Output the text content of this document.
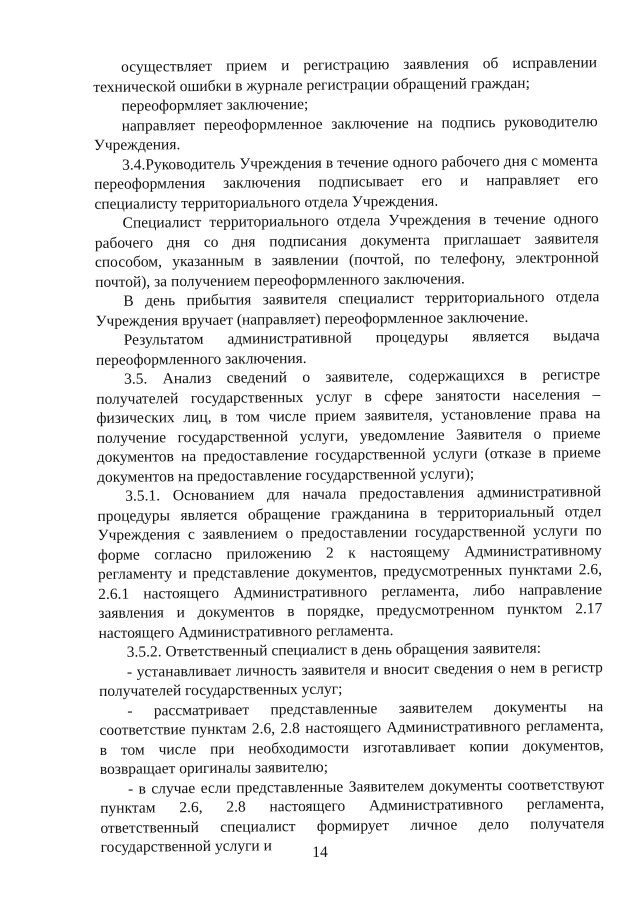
осуществляет прием и регистрацию заявления об исправлении технической ошибки в журнале регистрации обращений граждан;

переоформляет заключение;

направляет переоформленное заключение на подпись руководителю Учреждения.

3.4.Руководитель Учреждения в течение одного рабочего дня с момента переоформления заключения подписывает его и направляет его специалисту территориального отдела Учреждения.

Специалист территориального отдела Учреждения в течение одного рабочего дня со дня подписания документа приглашает заявителя способом, указанным в заявлении (почтой, по телефону, электронной почтой), за получением переоформленного заключения.

В день прибытия заявителя специалист территориального отдела Учреждения вручает (направляет) переоформленное заключение.

Результатом административной процедуры является выдача переоформленного заключения.

3.5. Анализ сведений о заявителе, содержащихся в регистре получателей государственных услуг в сфере занятости населения – физических лиц, в том числе прием заявителя, установление права на получение государственной услуги, уведомление Заявителя о приеме документов на предоставление государственной услуги (отказе в приеме документов на предоставление государственной услуги);

3.5.1. Основанием для начала предоставления административной процедуры является обращение гражданина в территориальный отдел Учреждения с заявлением о предоставлении государственной услуги по форме согласно приложению 2 к настоящему Административному регламенту и представление документов, предусмотренных пунктами 2.6, 2.6.1 настоящего Административного регламента, либо направление заявления и документов в порядке, предусмотренном пунктом 2.17 настоящего Административного регламента.

3.5.2. Ответственный специалист в день обращения заявителя:

- устанавливает личность заявителя и вносит сведения о нем в регистр получателей государственных услуг;

- рассматривает представленные заявителем документы на соответствие пунктам 2.6, 2.8 настоящего Административного регламента, в том числе при необходимости изготавливает копии документов, возвращает оригиналы заявителю;

- в случае если представленные Заявителем документы соответствуют пунктам 2.6, 2.8 настоящего Административного регламента, ответственный специалист формирует личное дело получателя государственной услуги и	14
